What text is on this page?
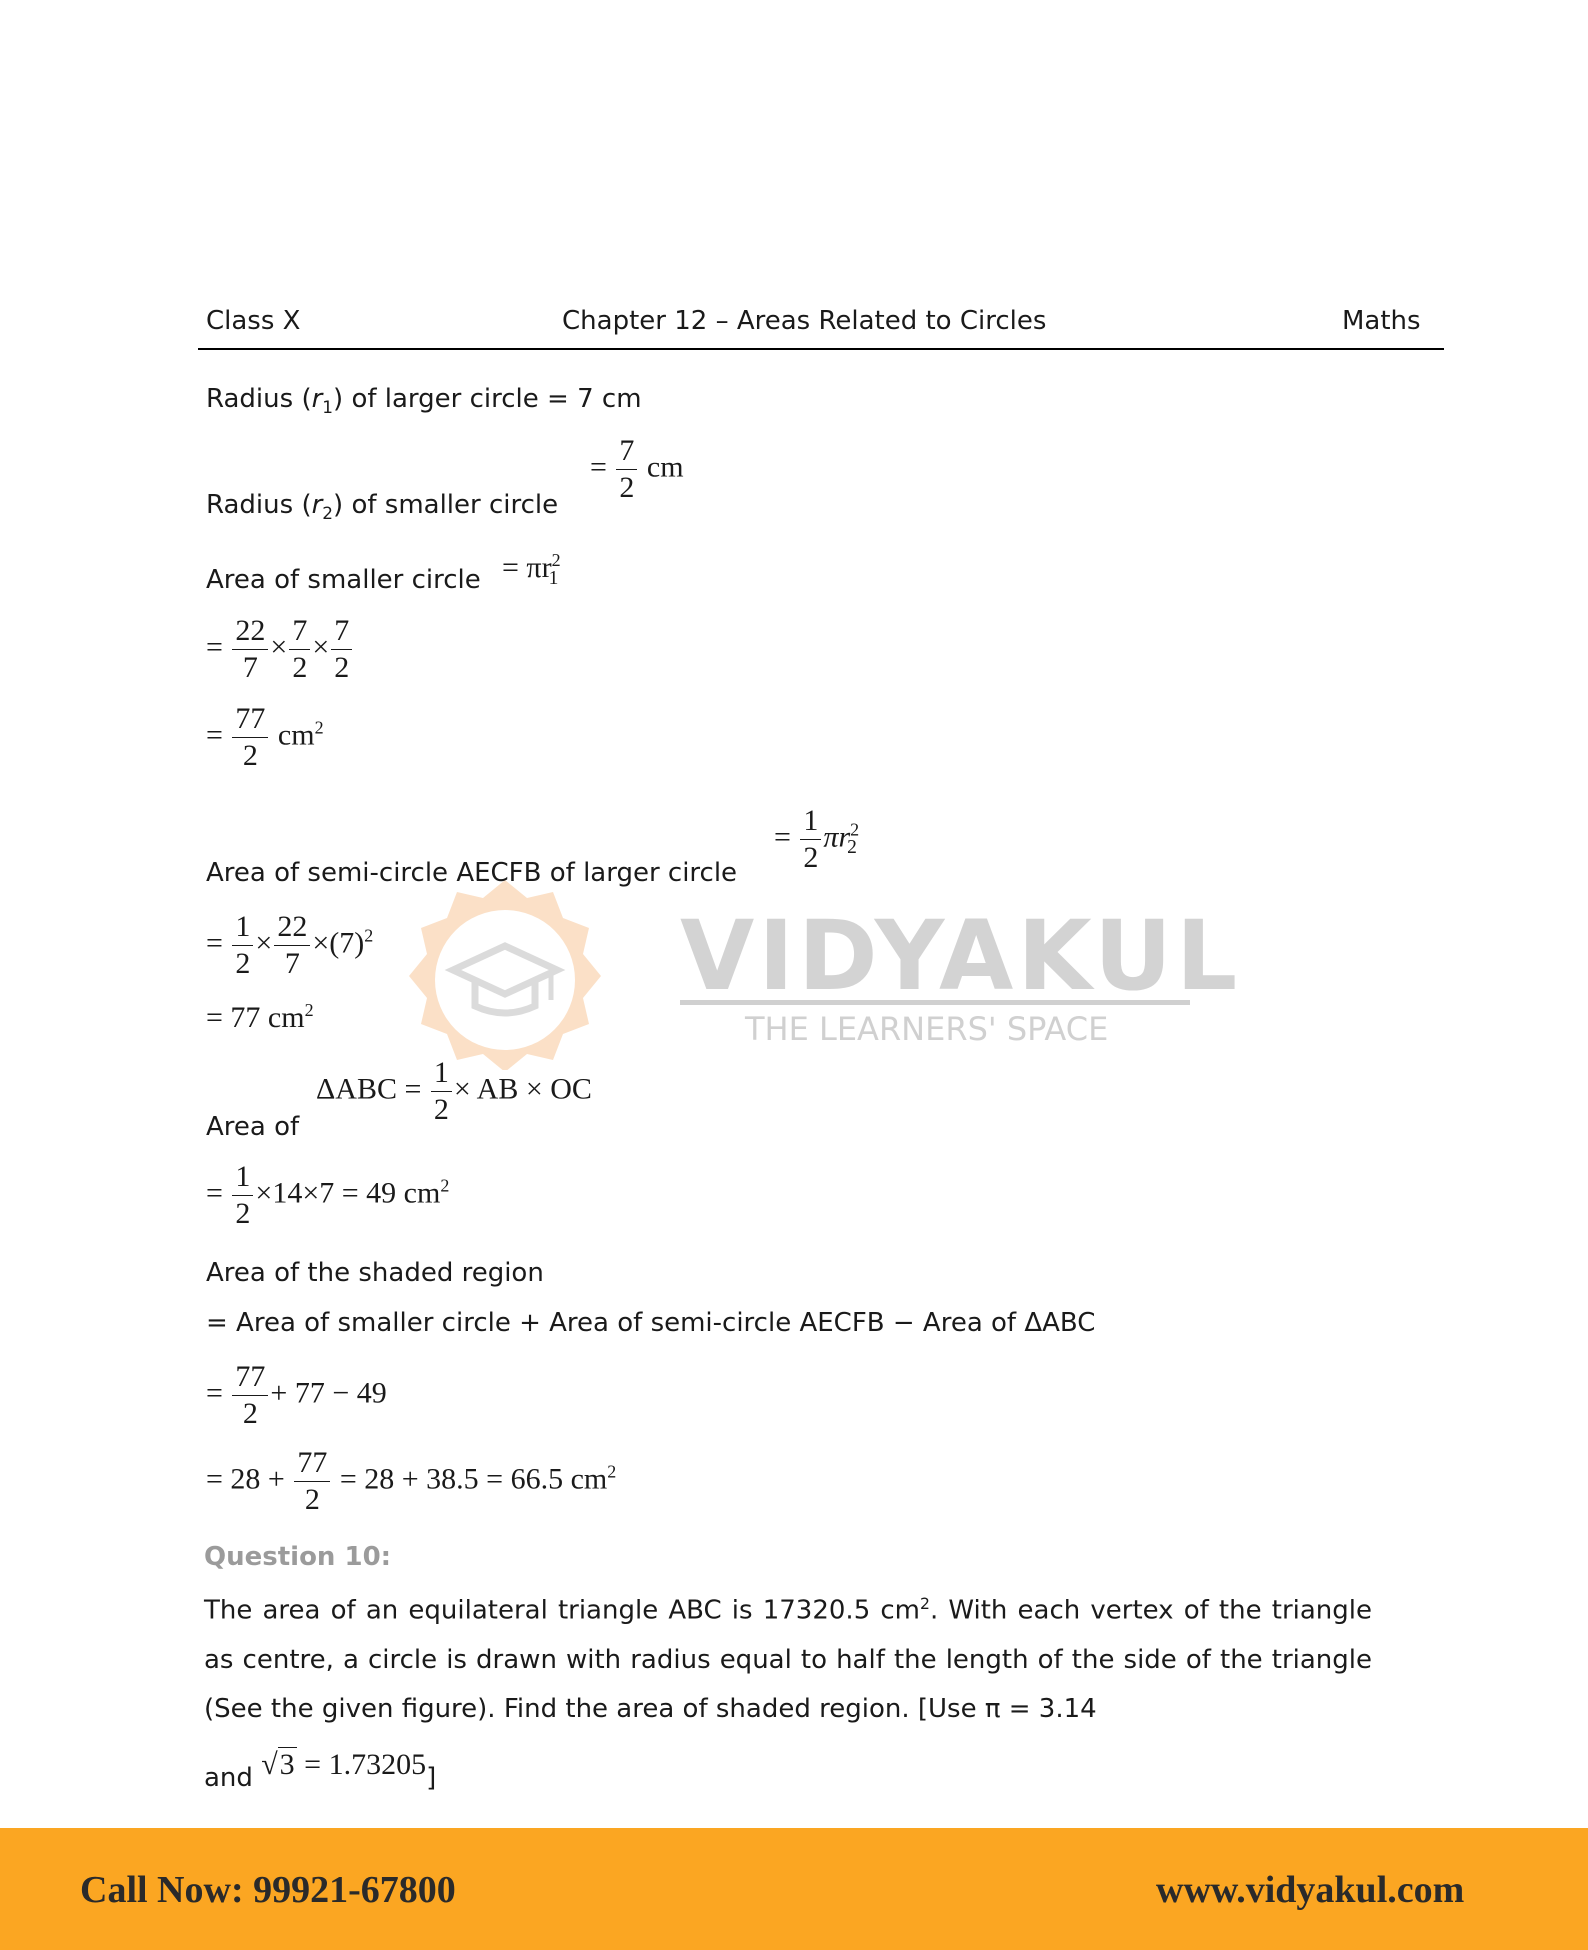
Class X	Chapter 12 – Areas Related to Circles	Maths
VIDYAKUL
THE LEARNERS' SPACE
Radius $(r_1)$ of larger circle = 7 cm
Radius $(r_2)$ of smaller circle
= $\frac{7}{2}$ cm
Area of smaller circle = $\pi r^2_1$
= $\frac{22}{7} \times \frac{7}{2} \times \frac{7}{2}$
= $\frac{77}{2} cm^2$
Area of semi-circle AECFB of larger circle
= $\frac{1}{2} \pi r^2_2$
= $\frac{1}{2} \times \frac{22}{7} \times(7)^2$
= 77 $cm^2$
Area of
$\Delta ABC = \frac{1}{2}$ × AB × OC
= $\frac{1}{2} \times 14\times 7 = 49$ $cm^2$
Area of the shaded region
= Area of smaller circle + Area of semi-circle AECFB − Area of ΔABC
= $\frac{77}{2} + 77 - 49$
= $28 + \frac{77}{2} = 28 + 38.5 = 66.5$ $cm^2$
Question 10:
The area of an equilateral triangle ABC is 17320.5 $cm^2$. With each vertex of the triangle as centre, a circle is drawn with radius equal to half the length of the side of the triangle (See the given figure). Find the area of shaded region. [Use π = 3.14
and √3 = 1.73205]
Call Now: 99921-67800	www.vidyakul.com
